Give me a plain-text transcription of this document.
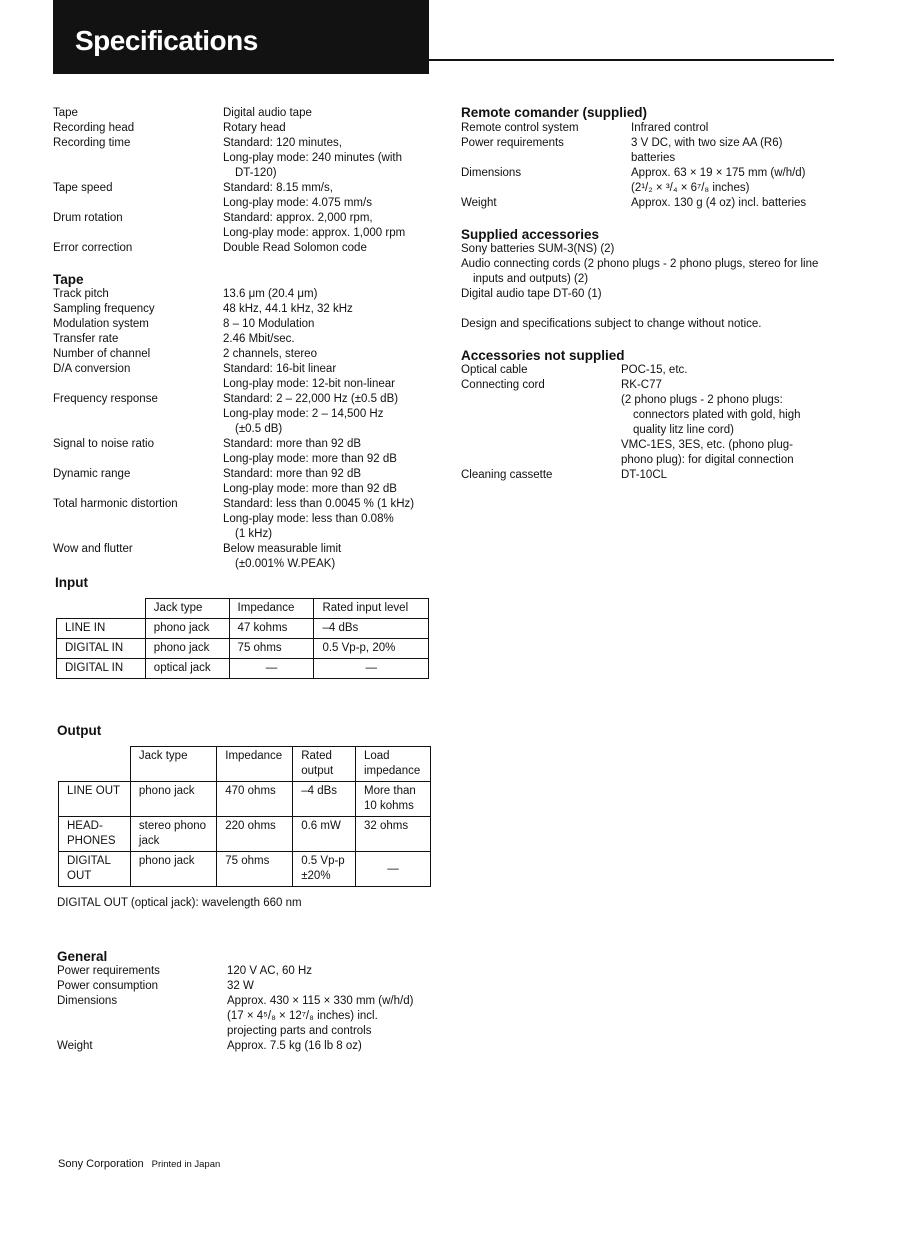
Specifications
Tape	Digital audio tape
Recording head	Rotary head
Recording time	Standard: 120 minutes,
Long-play mode: 240 minutes (with
DT-120)
Tape speed	Standard: 8.15 mm/s,
Long-play mode: 4.075 mm/s
Drum rotation	Standard: approx. 2,000 rpm,
Long-play mode: approx. 1,000 rpm
Error correction	Double Read Solomon code
Tape
Track pitch	13.6 μm (20.4 μm)
Sampling frequency	48 kHz, 44.1 kHz, 32 kHz
Modulation system	8 – 10 Modulation
Transfer rate	2.46 Mbit/sec.
Number of channel	2 channels, stereo
D/A conversion	Standard: 16-bit linear
Long-play mode: 12-bit non-linear
Frequency response	Standard: 2 – 22,000 Hz (±0.5 dB)
Long-play mode: 2 – 14,500 Hz
(±0.5 dB)
Signal to noise ratio	Standard: more than 92 dB
Long-play mode: more than 92 dB
Dynamic range	Standard: more than 92 dB
Long-play mode: more than 92 dB
Total harmonic distortion	Standard: less than 0.0045 % (1 kHz)
Long-play mode: less than 0.08%
(1 kHz)
Wow and flutter	Below measurable limit
(±0.001% W.PEAK)
Input
	Jack type	Impedance	Rated input level
LINE IN	phono jack	47 kohms	–4 dBs
DIGITAL IN	phono jack	75 ohms	0.5 Vp-p, 20%
DIGITAL IN	optical jack	—	—
Output
	Jack type	Impedance	Rated output	Load impedance
LINE OUT	phono jack	470 ohms	–4 dBs	More than 10 kohms
HEAD-PHONES	stereo phono jack	220 ohms	0.6 mW	32 ohms
DIGITAL OUT	phono jack	75 ohms	0.5 Vp-p ±20%	—
DIGITAL OUT (optical jack): wavelength 660 nm
General
Power requirements	120 V AC, 60 Hz
Power consumption	32 W
Dimensions	Approx. 430 × 115 × 330 mm (w/h/d)
(17 × 4⁵/₈ × 12⁷/₈ inches) incl.
projecting parts and controls
Weight	Approx. 7.5 kg (16 lb 8 oz)
Remote comander (supplied)
Remote control system	Infrared control
Power requirements	3 V DC, with two size AA (R6)
batteries
Dimensions	Approx. 63 × 19 × 175 mm (w/h/d)
(2¹/₂ × ³/₄ × 6⁷/₈ inches)
Weight	Approx. 130 g (4 oz) incl. batteries
Supplied accessories
Sony batteries SUM-3(NS) (2)
Audio connecting cords (2 phono plugs - 2 phono plugs, stereo for line
inputs and outputs) (2)
Digital audio tape DT-60 (1)
Design and specifications subject to change without notice.
Accessories not supplied
Optical cable	POC-15, etc.
Connecting cord	RK-C77
(2 phono plugs - 2 phono plugs:
connectors plated with gold, high
quality litz line cord)
VMC-1ES, 3ES, etc. (phono plug-
phono plug): for digital connection
Cleaning cassette	DT-10CL
Sony Corporation Printed in Japan
